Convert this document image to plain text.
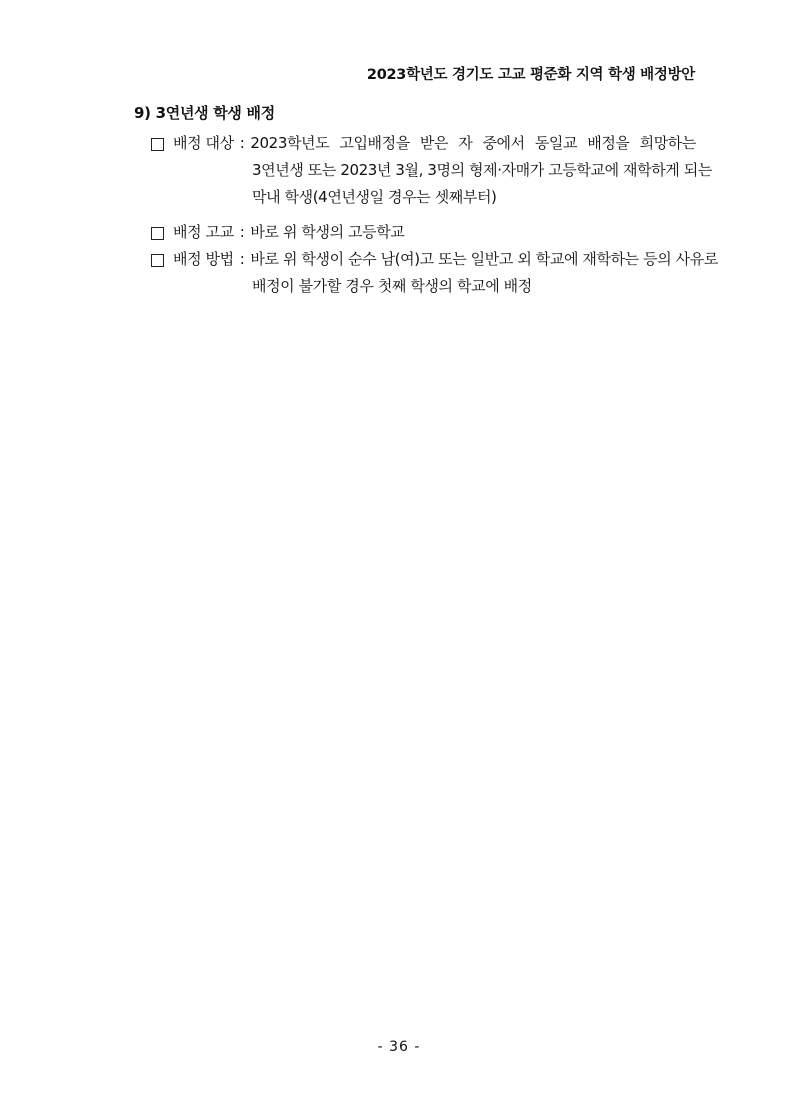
2023학년도 경기도 고교 평준화 지역 학생 배정방안
9) 3연년생 학생 배정
배정 대상 : 2023학년도 고입배정을 받은 자 중에서 동일교 배정을 희망하는
3연년생 또는 2023년 3월, 3명의 형제·자매가 고등학교에 재학하게 되는
막내 학생(4연년생일 경우는 셋째부터)
배정 고교 : 바로 위 학생의 고등학교
배정 방법 : 바로 위 학생이 순수 남(여)고 또는 일반고 외 학교에 재학하는 등의 사유로
배정이 불가할 경우 첫째 학생의 학교에 배정
- 36 -
